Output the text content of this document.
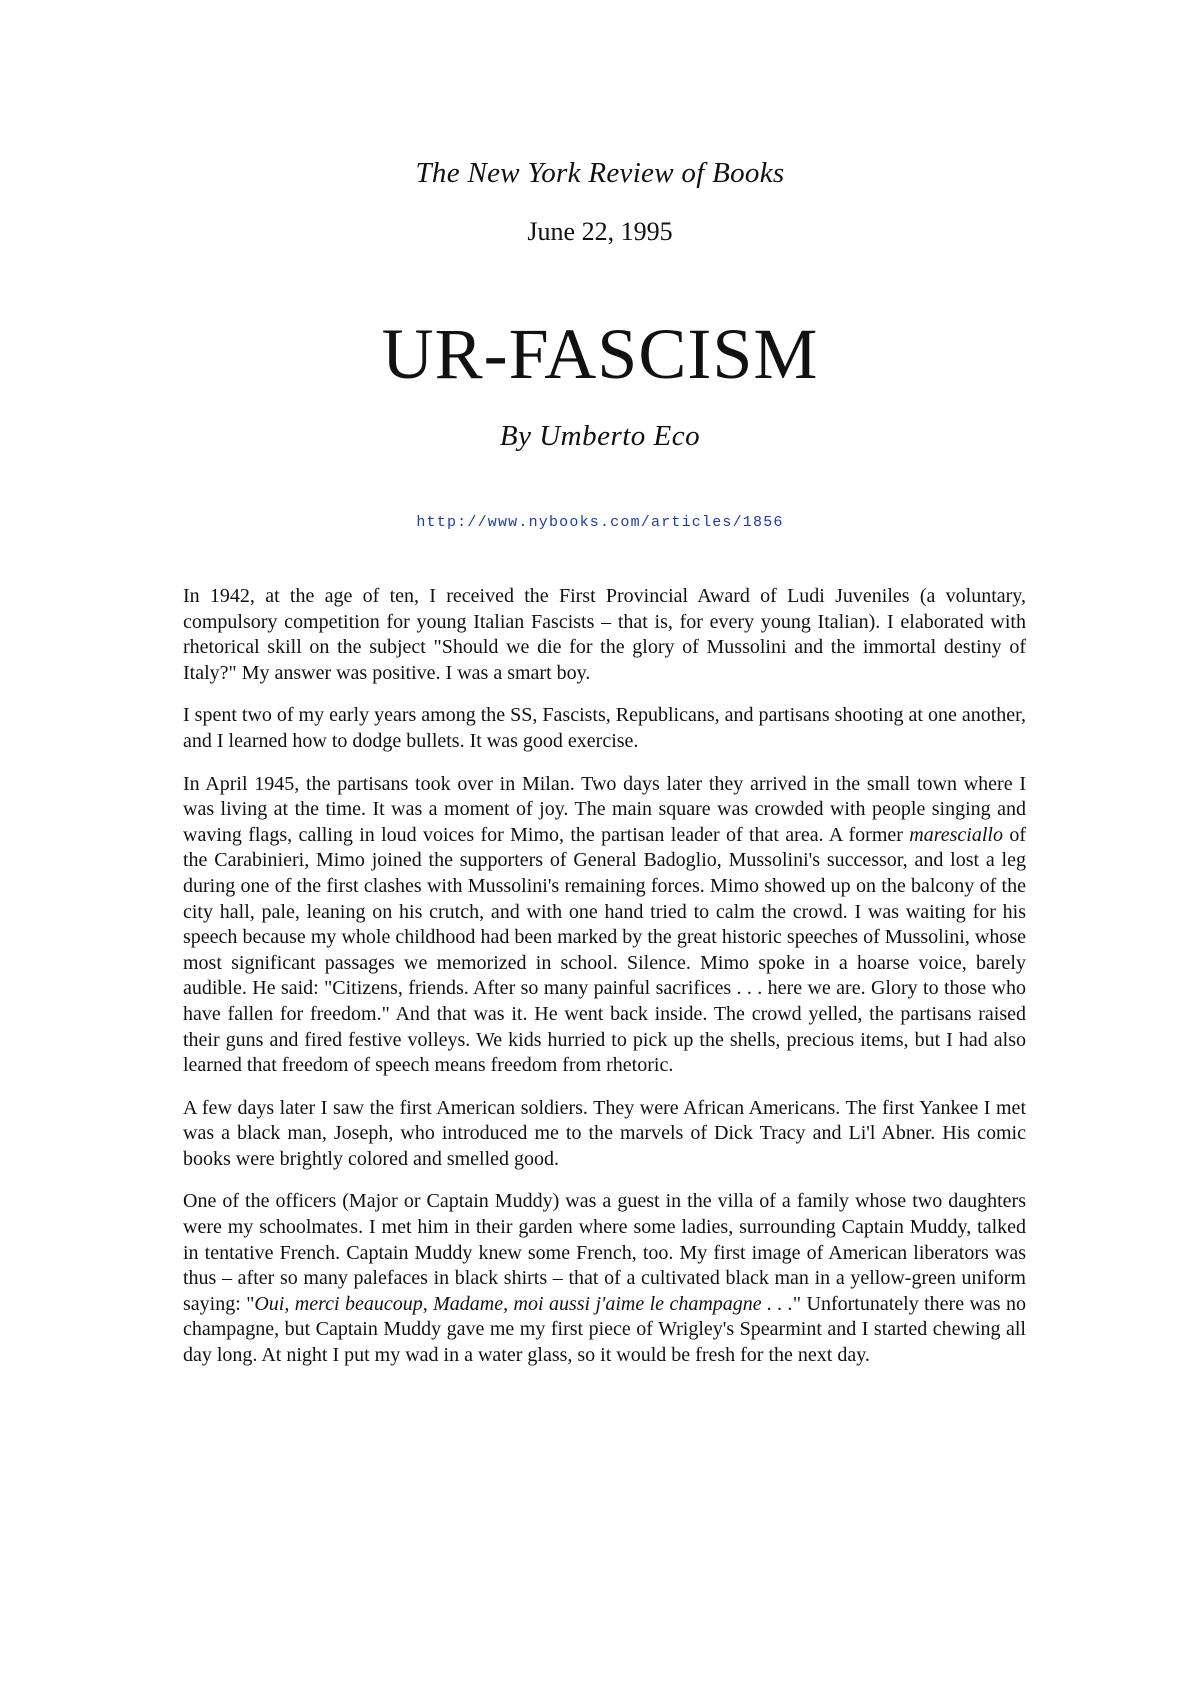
The New York Review of Books
June 22, 1995
UR-FASCISM
By Umberto Eco
http://www.nybooks.com/articles/1856

In 1942, at the age of ten, I received the First Provincial Award of Ludi Juveniles (a voluntary, compulsory competition for young Italian Fascists – that is, for every young Italian). I elaborated with rhetorical skill on the subject "Should we die for the glory of Mussolini and the immortal destiny of Italy?" My answer was positive. I was a smart boy.

I spent two of my early years among the SS, Fascists, Republicans, and partisans shooting at one another, and I learned how to dodge bullets. It was good exercise.

In April 1945, the partisans took over in Milan. Two days later they arrived in the small town where I was living at the time. It was a moment of joy. The main square was crowded with people singing and waving flags, calling in loud voices for Mimo, the partisan leader of that area. A former maresciallo of the Carabinieri, Mimo joined the supporters of General Badoglio, Mussolini's successor, and lost a leg during one of the first clashes with Mussolini's remaining forces. Mimo showed up on the balcony of the city hall, pale, leaning on his crutch, and with one hand tried to calm the crowd. I was waiting for his speech because my whole childhood had been marked by the great historic speeches of Mussolini, whose most significant passages we memorized in school. Silence. Mimo spoke in a hoarse voice, barely audible. He said: "Citizens, friends. After so many painful sacrifices . . . here we are. Glory to those who have fallen for freedom." And that was it. He went back inside. The crowd yelled, the partisans raised their guns and fired festive volleys. We kids hurried to pick up the shells, precious items, but I had also learned that freedom of speech means freedom from rhetoric.

A few days later I saw the first American soldiers. They were African Americans. The first Yankee I met was a black man, Joseph, who introduced me to the marvels of Dick Tracy and Li'l Abner. His comic books were brightly colored and smelled good.

One of the officers (Major or Captain Muddy) was a guest in the villa of a family whose two daughters were my schoolmates. I met him in their garden where some ladies, surrounding Captain Muddy, talked in tentative French. Captain Muddy knew some French, too. My first image of American liberators was thus – after so many palefaces in black shirts – that of a cultivated black man in a yellow-green uniform saying: "Oui, merci beaucoup, Madame, moi aussi j'aime le champagne . . ." Unfortunately there was no champagne, but Captain Muddy gave me my first piece of Wrigley's Spearmint and I started chewing all day long. At night I put my wad in a water glass, so it would be fresh for the next day.
